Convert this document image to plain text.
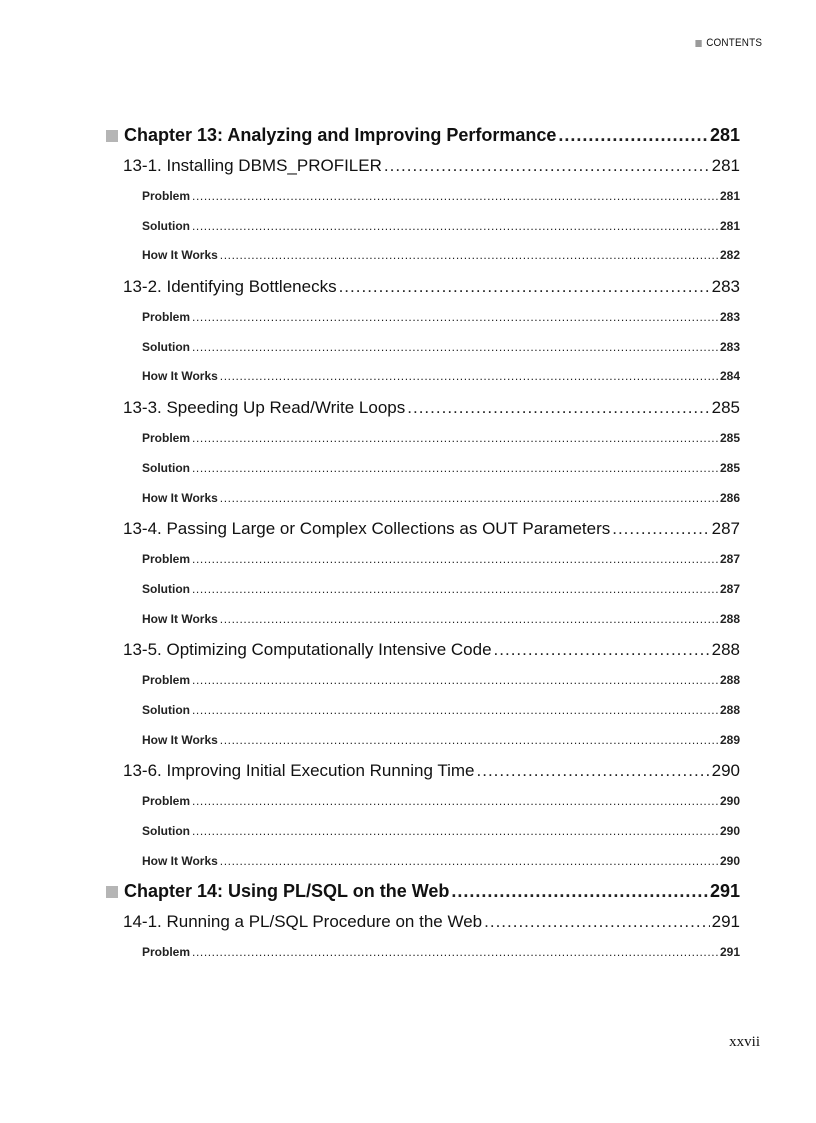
CONTENTS
Chapter 13: Analyzing and Improving Performance .....	281
13-1. Installing DBMS_PROFILER .....	281
Problem .....	281
Solution .....	281
How It Works .....	282
13-2. Identifying Bottlenecks .....	283
Problem .....	283
Solution .....	283
How It Works .....	284
13-3. Speeding Up Read/Write Loops .....	285
Problem .....	285
Solution .....	285
How It Works .....	286
13-4. Passing Large or Complex Collections as OUT Parameters .....	287
Problem .....	287
Solution .....	287
How It Works .....	288
13-5. Optimizing Computationally Intensive Code .....	288
Problem .....	288
Solution .....	288
How It Works .....	289
13-6. Improving Initial Execution Running Time .....	290
Problem .....	290
Solution .....	290
How It Works .....	290
Chapter 14: Using PL/SQL on the Web .....	291
14-1. Running a PL/SQL Procedure on the Web .....	291
Problem .....	291
xxvii
